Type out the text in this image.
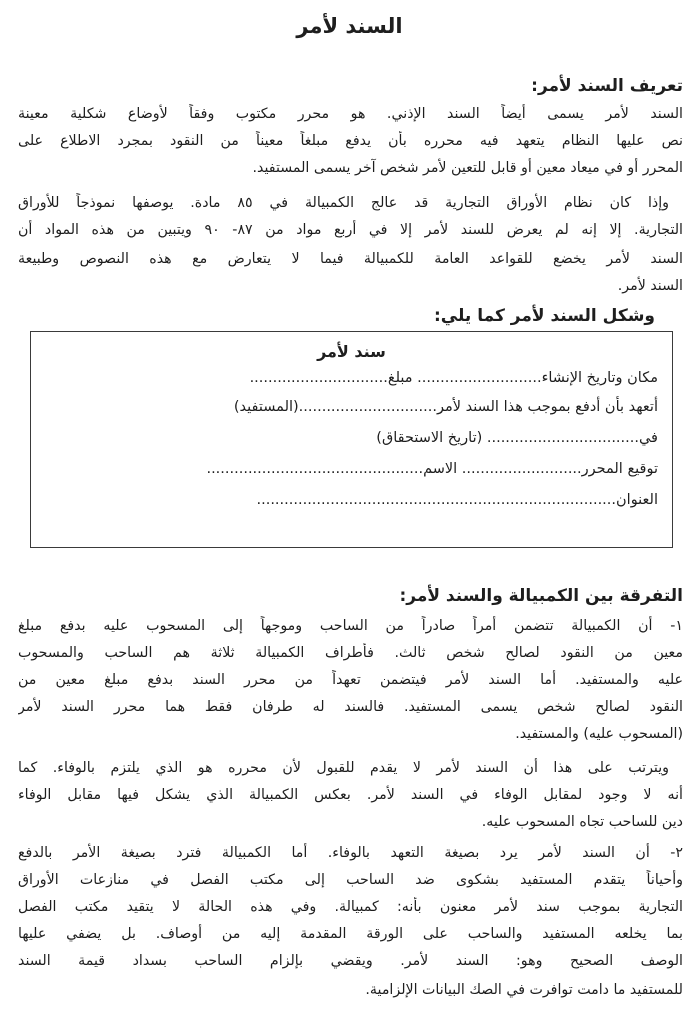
السند لأمر
تعريف السند لأمر:

السند لأمر يسمى أيضاً السند الإذني. هو محرر مكتوب وفقاً لأوضاع شكلية معينة

نص عليها النظام يتعهد فيه محرره بأن يدفع مبلغاً معيناً من النقود بمجرد الاطلاع على

المحرر أو في ميعاد معين أو قابل للتعين لأمر شخص آخر يسمى المستفيد.

وإذا كان نظام الأوراق التجارية قد عالج الكمبيالة في ٨٥ مادة. يوصفها نموذجاً للأوراق

التجارية. إلا إنه لم يعرض للسند لأمر إلا في أربع مواد من ٨٧- ٩٠ ويتبين من هذه المواد أن

السند لأمر يخضع للقواعد العامة للكمبيالة فيما لا يتعارض مع هذه النصوص وطبيعة

السند لأمر.

وشكل السند لأمر كما يلي:

سند لأمر

مكان وتاريخ الإنشاء........................... مبلغ..............................

أتعهد بأن أدفع بموجب هذا السند لأمر..............................(المستفيد)

في................................. (تاريخ الاستحقاق)

توقيع المحرر.......................... الاسم...............................................

العنوان..............................................................................

التفرقة بين الكمبيالة والسند لأمر:

١- أن الكمبيالة تتضمن أمراً صادراً من الساحب وموجهاً إلى المسحوب عليه بدفع مبلغ

معين من النقود لصالح شخص ثالث. فأطراف الكمبيالة ثلاثة هم الساحب والمسحوب

عليه والمستفيد. أما السند لأمر فيتضمن تعهداً من محرر السند بدفع مبلغ معين من

النقود لصالح شخص يسمى المستفيد. فالسند له طرفان فقط هما محرر السند لأمر

(المسحوب عليه) والمستفيد.

ويترتب على هذا أن السند لأمر لا يقدم للقبول لأن محرره هو الذي يلتزم بالوفاء. كما

أنه لا وجود لمقابل الوفاء في السند لأمر. بعكس الكمبيالة الذي يشكل فيها مقابل الوفاء

دين للساحب تجاه المسحوب عليه.

٢- أن السند لأمر يرد بصيغة التعهد بالوفاء. أما الكمبيالة فترد بصيغة الأمر بالدفع

وأحياناً يتقدم المستفيد بشكوى ضد الساحب إلى مكتب الفصل في منازعات الأوراق

التجارية بموجب سند لأمر معنون بأنه: كمبيالة. وفي هذه الحالة لا يتقيد مكتب الفصل

بما يخلعه المستفيد والساحب على الورقة المقدمة إليه من أوصاف. بل يضفي عليها

الوصف الصحيح وهو: السند لأمر. ويقضي بإلزام الساحب بسداد قيمة السند

للمستفيد ما دامت توافرت في الصك البيانات الإلزامية.
